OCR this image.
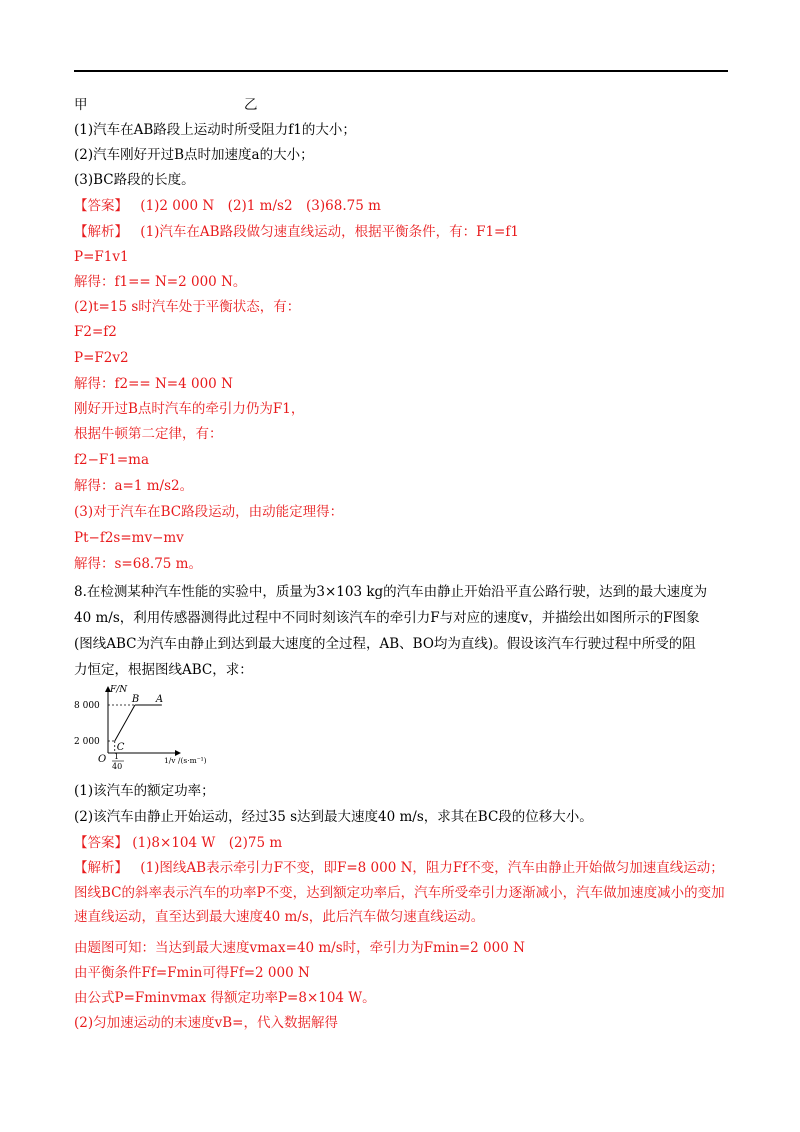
甲	乙
(1)汽车在AB路段上运动时所受阻力f1的大小；
(2)汽车刚好开过B点时加速度a的大小；
(3)BC路段的长度。
【答案】 (1)2 000 N　(2)1 m/s2　(3)68.75 m
【解析】 (1)汽车在AB路段做匀速直线运动，根据平衡条件，有：F1=f1
P=F1v1
解得：f1== N=2 000 N。
(2)t=15 s时汽车处于平衡状态，有：
F2=f2
P=F2v2
解得：f2== N=4 000 N
刚好开过B点时汽车的牵引力仍为F1，
根据牛顿第二定律，有：
f2−F1=ma
解得：a=1 m/s2。
(3)对于汽车在BC路段运动，由动能定理得：
Pt−f2s=mv−mv
解得：s=68.75 m。
8.在检测某种汽车性能的实验中，质量为3×103 kg的汽车由静止开始沿平直公路行驶，达到的最大速度为
40 m/s，利用传感器测得此过程中不同时刻该汽车的牵引力F与对应的速度v，并描绘出如图所示的F图象
(图线ABC为汽车由静止到达到最大速度的全过程，AB、BO均为直线)。假设该汽车行驶过程中所受的阻
力恒定，根据图线ABC，求：
B A
C
F/N
8 000
2 000
O 1
40
1/v /(s·m⁻¹)
(1)该汽车的额定功率；
(2)该汽车由静止开始运动，经过35 s达到最大速度40 m/s，求其在BC段的位移大小。
【答案】 (1)8×104 W　(2)75 m
【解析】 (1)图线AB表示牵引力F不变，即F=8 000 N，阻力Ff不变，汽车由静止开始做匀加速直线运动；图线BC的斜率表示汽车的功率P不变，达到额定功率后，汽车所受牵引力逐渐减小，汽车做加速度减小的变加速直线运动，直至达到最大速度40 m/s，此后汽车做匀速直线运动。
由题图可知：当达到最大速度vmax=40 m/s时，牵引力为Fmin=2 000 N
由平衡条件Ff=Fmin可得Ff=2 000 N
由公式P=Fminvmax 得额定功率P=8×104 W。
(2)匀加速运动的末速度vB=，代入数据解得
